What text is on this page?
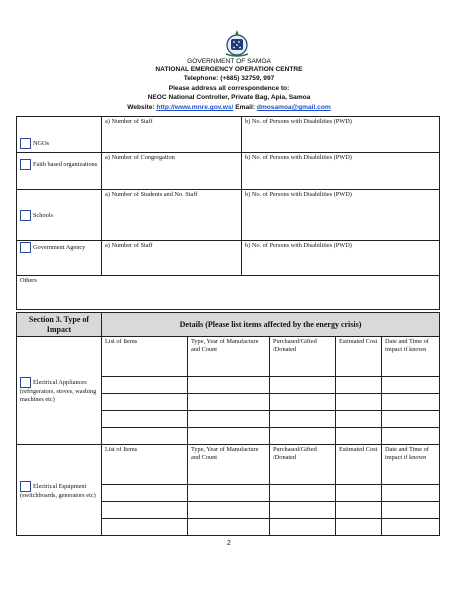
GOVERNMENT OF SAMOA
NATIONAL EMERGENCY OPERATION CENTRE
Telephone: (+685) 32759, 997
Please address all correspondence to:
NEOC National Controller, Private Bag, Apia, Samoa
Website: http://www.mnre.gov.ws/ Email: dmosamoa@gmail.com
NGOs	a) Number of Staff	b) No. of Persons with Disabilities (PWD)
Faith based organizations	a) Number of Congregation	b) No. of Persons with Disabilities (PWD)
Schools	a) Number of Students and No. Staff	b) No. of Persons with Disabilities (PWD)
Government Agency	a) Number of Staff	b) No. of Persons with Disabilities (PWD)
Others		
Section 3. Type of Impact	Details (Please list items affected by the energy crisis)				
Electrical Appliances (refrigerators, stoves, washing machines etc)	List of Items	Type, Year of Manufacture and Count	Purchased/Gifted /Donated	Estimated Cost	Date and Time of impact if known

Electrical Equipment (switchboards, generators etc)	List of Items	Type, Year of Manufacture and Count	Purchased/Gifted /Donated	Estimated Cost	Date and Time of impact if known

2
